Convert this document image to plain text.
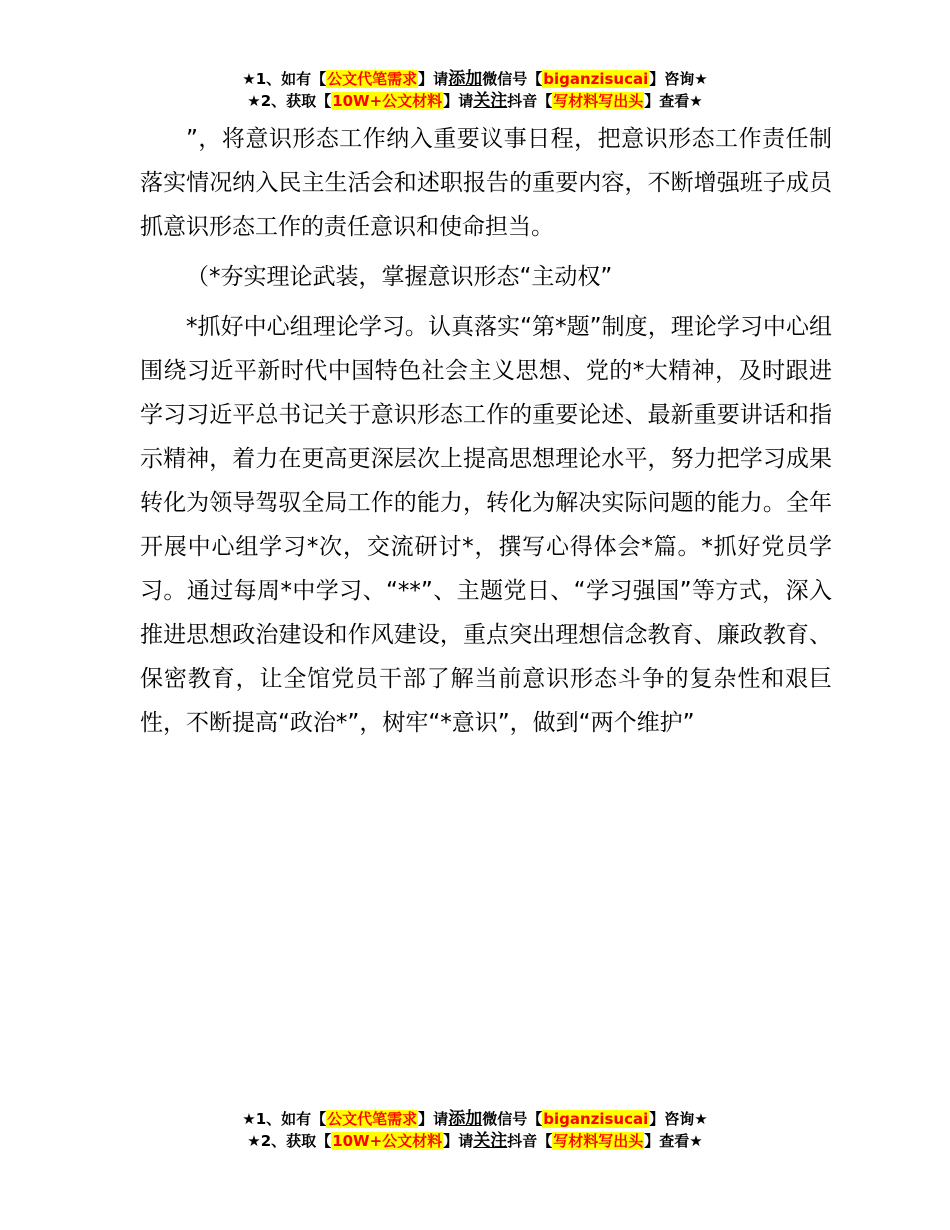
★1、如有【公文代笔需求】请添加微信号【biganzisucai】咨询★
★2、获取【10W+公文材料】请关注抖音【写材料写出头】查看★

”，将意识形态工作纳入重要议事日程，把意识形态工作责任制落实情况纳入民主生活会和述职报告的重要内容，不断增强班子成员抓意识形态工作的责任意识和使命担当。

（*夯实理论武装，掌握意识形态“主动权”

*抓好中心组理论学习。认真落实“第*题”制度，理论学习中心组围绕习近平新时代中国特色社会主义思想、党的*大精神，及时跟进学习习近平总书记关于意识形态工作的重要论述、最新重要讲话和指示精神，着力在更高更深层次上提高思想理论水平，努力把学习成果转化为领导驾驭全局工作的能力，转化为解决实际问题的能力。全年开展中心组学习*次，交流研讨*，撰写心得体会*篇。*抓好党员学习。通过每周*中学习、“**”、主题党日、“学习强国”等方式，深入推进思想政治建设和作风建设，重点突出理想信念教育、廉政教育、保密教育，让全馆党员干部了解当前意识形态斗争的复杂性和艰巨性，不断提高“政治*”，树牢“*意识”，做到“两个维护”

★1、如有【公文代笔需求】请添加微信号【biganzisucai】咨询★
★2、获取【10W+公文材料】请关注抖音【写材料写出头】查看★
